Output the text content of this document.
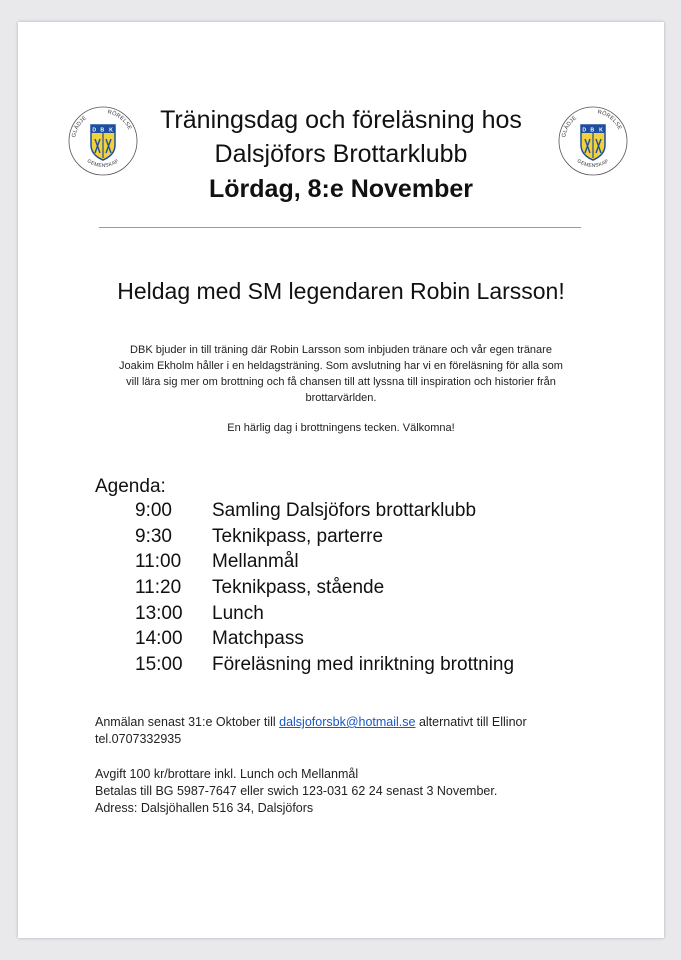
D B K
GLÄDJE
RÖRELSE
GEMENSKAP
D B K
GLÄDJE
RÖRELSE
GEMENSKAP
Träningsdag och föreläsning hos
Dalsjöfors Brottarklubb
Lördag, 8:e November
Heldag med SM legendaren Robin Larsson!

DBK bjuder in till träning där Robin Larsson som inbjuden tränare och vår egen tränare
Joakim Ekholm håller i en heldagsträning. Som avslutning har vi en föreläsning för alla som
vill lära sig mer om brottning och få chansen till att lyssna till inspiration och historier från
brottarvärlden.

En härlig dag i brottningens tecken. Välkomna!
Agenda:
9:00 Samling Dalsjöfors brottarklubb
9:30 Teknikpass, parterre
11:00 Mellanmål
11:20 Teknikpass, stående
13:00 Lunch
14:00 Matchpass
15:00 Föreläsning med inriktning brottning
Anmälan senast 31:e Oktober till dalsjoforsbk@hotmail.se alternativt till Ellinor
tel.0707332935
Avgift 100 kr/brottare inkl. Lunch och Mellanmål
Betalas till BG 5987-7647 eller swich 123-031 62 24 senast 3 November.
Adress: Dalsjöhallen 516 34, Dalsjöfors
